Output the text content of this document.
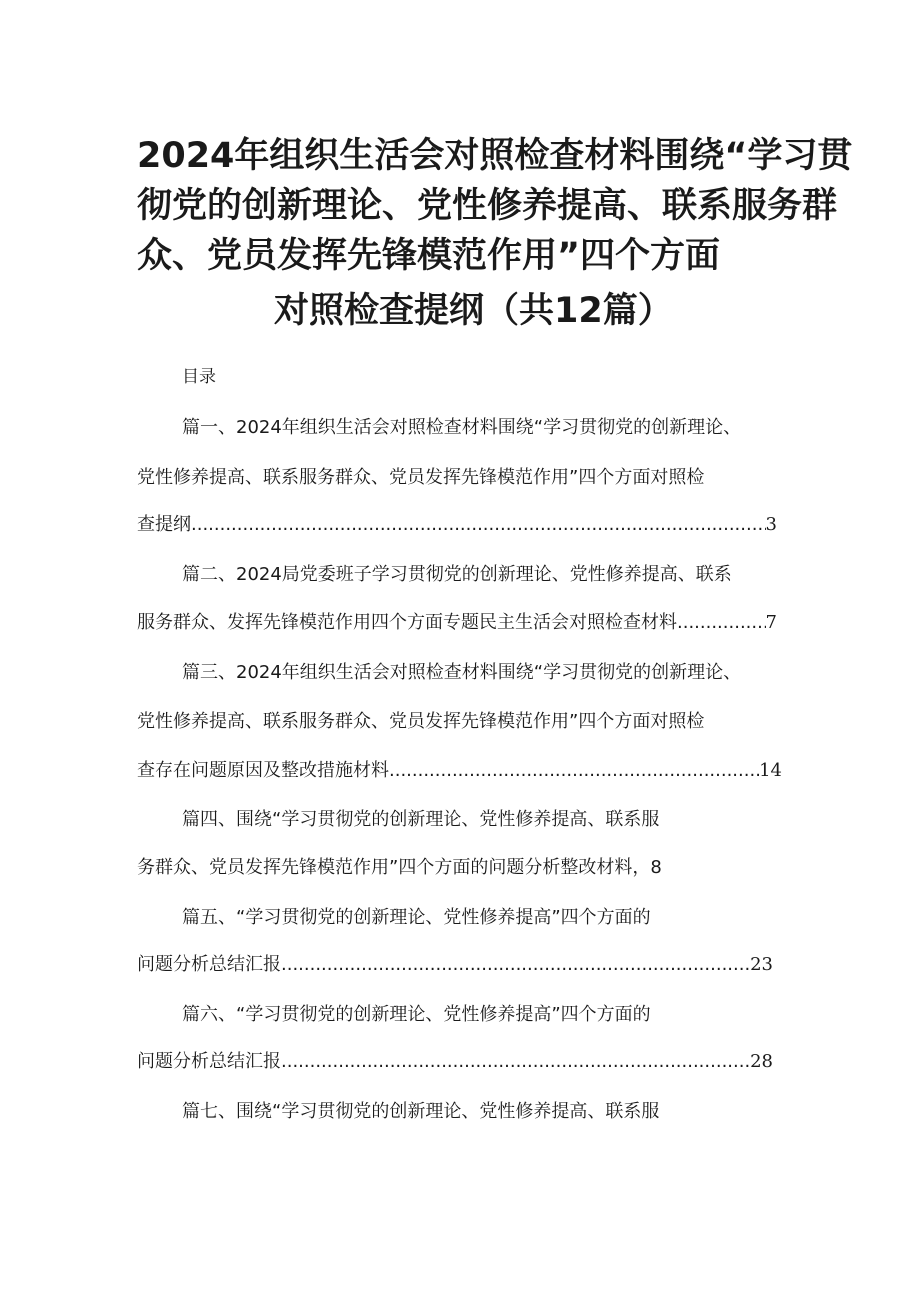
2024年组织生活会对照检查材料围绕“学习贯
彻党的创新理论、党性修养提高、联系服务群
众、党员发挥先锋模范作用”四个方面
对照检查提纲（共12篇）
目录
篇一、2024年组织生活会对照检查材料围绕“学习贯彻党的创新理论、
党性修养提高、联系服务群众、党员发挥先锋模范作用”四个方面对照检
查提纲 .....	3
篇二、2024局党委班子学习贯彻党的创新理论、党性修养提高、联系
服务群众、发挥先锋模范作用四个方面专题民主生活会对照检查材料 .....	7
篇三、2024年组织生活会对照检查材料围绕“学习贯彻党的创新理论、
党性修养提高、联系服务群众、党员发挥先锋模范作用”四个方面对照检
查存在问题原因及整改措施材料 .....	14
篇四、围绕“学习贯彻党的创新理论、党性修养提高、联系服
务群众、党员发挥先锋模范作用”四个方面的问题分析整改材料，8
篇五、“学习贯彻党的创新理论、党性修养提高”四个方面的
问题分析总结汇报 .....	23
篇六、“学习贯彻党的创新理论、党性修养提高”四个方面的
问题分析总结汇报 .....	28
篇七、围绕“学习贯彻党的创新理论、党性修养提高、联系服
